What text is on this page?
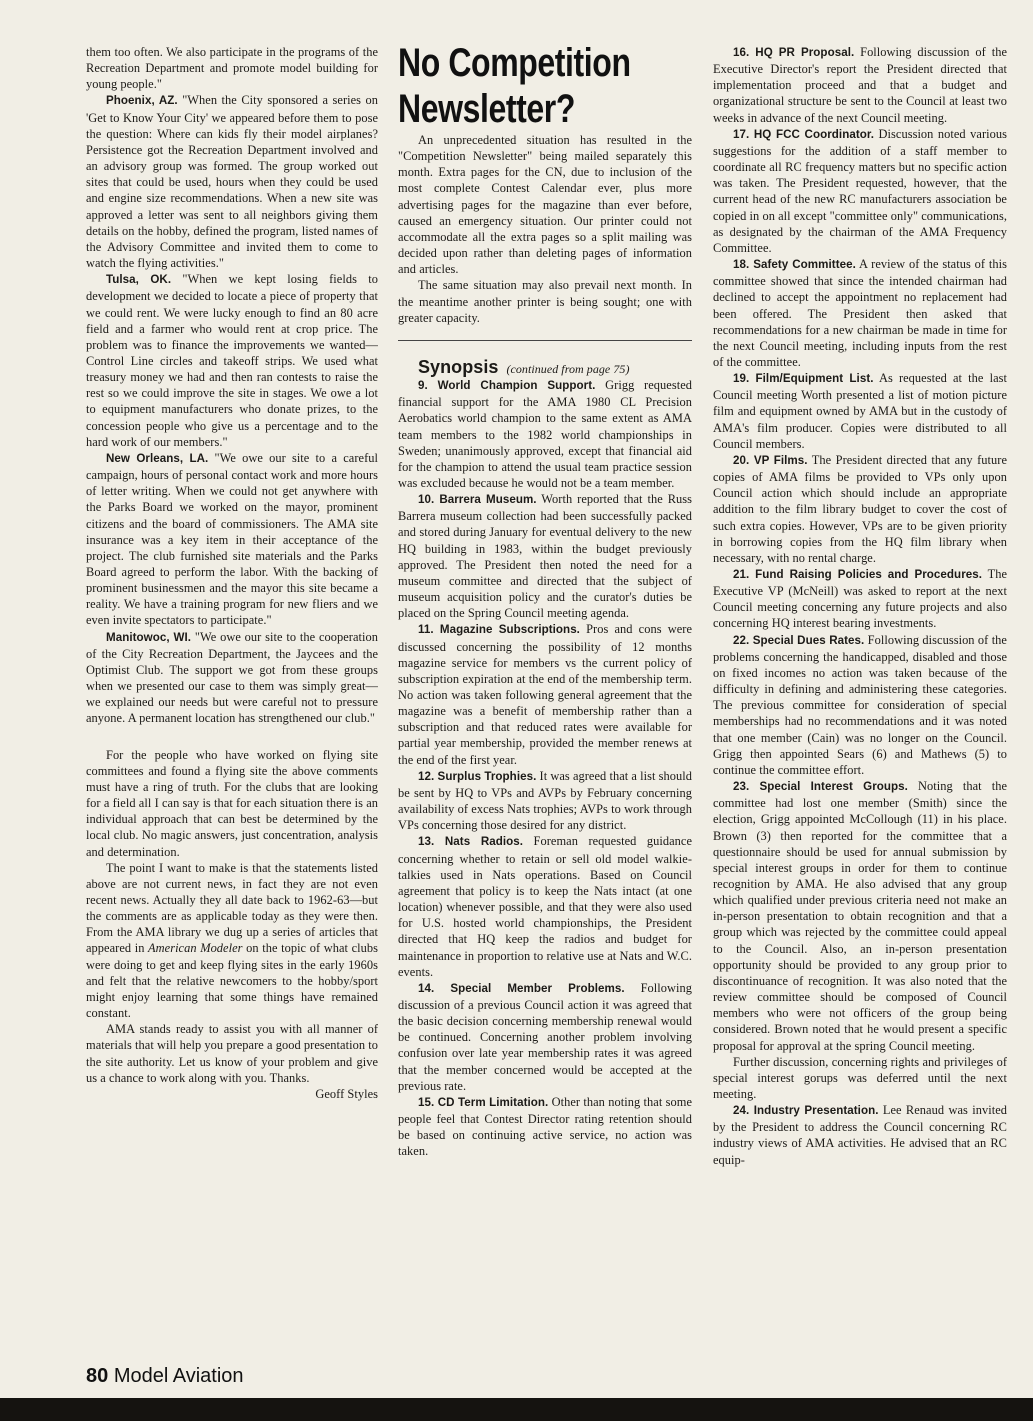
them too often. We also participate in the programs of the Recreation Department and promote model building for young people."

Phoenix, AZ. "When the City sponsored a series on 'Get to Know Your City' we appeared before them to pose the question: Where can kids fly their model airplanes? Persistence got the Recreation Department involved and an advisory group was formed. The group worked out sites that could be used, hours when they could be used and engine size recommendations. When a new site was approved a letter was sent to all neighbors giving them details on the hobby, defined the program, listed names of the Advisory Committee and invited them to come to watch the flying activities."

Tulsa, OK. "When we kept losing fields to development we decided to locate a piece of property that we could rent. We were lucky enough to find an 80 acre field and a farmer who would rent at crop price. The problem was to finance the improvements we wanted—Control Line circles and takeoff strips. We used what treasury money we had and then ran contests to raise the rest so we could improve the site in stages. We owe a lot to equipment manufacturers who donate prizes, to the concession people who give us a percentage and to the hard work of our members."

New Orleans, LA. "We owe our site to a careful campaign, hours of personal contact work and more hours of letter writing. When we could not get anywhere with the Parks Board we worked on the mayor, prominent citizens and the board of commissioners. The AMA site insurance was a key item in their acceptance of the project. The club furnished site materials and the Parks Board agreed to perform the labor. With the backing of prominent businessmen and the mayor this site became a reality. We have a training program for new fliers and we even invite spectators to participate."

Manitowoc, WI. "We owe our site to the cooperation of the City Recreation Department, the Jaycees and the Optimist Club. The support we got from these groups when we presented our case to them was simply great—we explained our needs but were careful not to pressure anyone. A permanent location has strengthened our club."

For the people who have worked on flying site committees and found a flying site the above comments must have a ring of truth. For the clubs that are looking for a field all I can say is that for each situation there is an individual approach that can best be determined by the local club. No magic answers, just concentration, analysis and determination.

The point I want to make is that the statements listed above are not current news, in fact they are not even recent news. Actually they all date back to 1962-63—but the comments are as applicable today as they were then. From the AMA library we dug up a series of articles that appeared in American Modeler on the topic of what clubs were doing to get and keep flying sites in the early 1960s and felt that the relative newcomers to the hobby/sport might enjoy learning that some things have remained constant.

AMA stands ready to assist you with all manner of materials that will help you prepare a good presentation to the site authority. Let us know of your problem and give us a chance to work along with you. Thanks.

Geoff Styles

No Competition
Newsletter?

An unprecedented situation has resulted in the "Competition Newsletter" being mailed separately this month. Extra pages for the CN, due to inclusion of the most complete Contest Calendar ever, plus more advertising pages for the magazine than ever before, caused an emergency situation. Our printer could not accommodate all the extra pages so a split mailing was decided upon rather than deleting pages of information and articles.

The same situation may also prevail next month. In the meantime another printer is being sought; one with greater capacity.

Synopsis (continued from page 75)

9. World Champion Support. Grigg requested financial support for the AMA 1980 CL Precision Aerobatics world champion to the same extent as AMA team members to the 1982 world championships in Sweden; unanimously approved, except that financial aid for the champion to attend the usual team practice session was excluded because he would not be a team member.

10. Barrera Museum. Worth reported that the Russ Barrera museum collection had been successfully packed and stored during January for eventual delivery to the new HQ building in 1983, within the budget previously approved. The President then noted the need for a museum committee and directed that the subject of museum acquisition policy and the curator's duties be placed on the Spring Council meeting agenda.

11. Magazine Subscriptions. Pros and cons were discussed concerning the possibility of 12 months magazine service for members vs the current policy of subscription expiration at the end of the membership term. No action was taken following general agreement that the magazine was a benefit of membership rather than a subscription and that reduced rates were available for partial year membership, provided the member renews at the end of the first year.

12. Surplus Trophies. It was agreed that a list should be sent by HQ to VPs and AVPs by February concerning availability of excess Nats trophies; AVPs to work through VPs concerning those desired for any district.

13. Nats Radios. Foreman requested guidance concerning whether to retain or sell old model walkie-talkies used in Nats operations. Based on Council agreement that policy is to keep the Nats intact (at one location) whenever possible, and that they were also used for U.S. hosted world championships, the President directed that HQ keep the radios and budget for maintenance in proportion to relative use at Nats and W.C. events.

14. Special Member Problems. Following discussion of a previous Council action it was agreed that the basic decision concerning membership renewal would be continued. Concerning another problem involving confusion over late year membership rates it was agreed that the member concerned would be accepted at the previous rate.

15. CD Term Limitation. Other than noting that some people feel that Contest Director rating retention should be based on continuing active service, no action was taken.

16. HQ PR Proposal. Following discussion of the Executive Director's report the President directed that implementation proceed and that a budget and organizational structure be sent to the Council at least two weeks in advance of the next Council meeting.

17. HQ FCC Coordinator. Discussion noted various suggestions for the addition of a staff member to coordinate all RC frequency matters but no specific action was taken. The President requested, however, that the current head of the new RC manufacturers association be copied in on all except "committee only" communications, as designated by the chairman of the AMA Frequency Committee.

18. Safety Committee. A review of the status of this committee showed that since the intended chairman had declined to accept the appointment no replacement had been offered. The President then asked that recommendations for a new chairman be made in time for the next Council meeting, including inputs from the rest of the committee.

19. Film/Equipment List. As requested at the last Council meeting Worth presented a list of motion picture film and equipment owned by AMA but in the custody of AMA's film producer. Copies were distributed to all Council members.

20. VP Films. The President directed that any future copies of AMA films be provided to VPs only upon Council action which should include an appropriate addition to the film library budget to cover the cost of such extra copies. However, VPs are to be given priority in borrowing copies from the HQ film library when necessary, with no rental charge.

21. Fund Raising Policies and Procedures. The Executive VP (McNeill) was asked to report at the next Council meeting concerning any future projects and also concerning HQ interest bearing investments.

22. Special Dues Rates. Following discussion of the problems concerning the handicapped, disabled and those on fixed incomes no action was taken because of the difficulty in defining and administering these categories. The previous committee for consideration of special memberships had no recommendations and it was noted that one member (Cain) was no longer on the Council. Grigg then appointed Sears (6) and Mathews (5) to continue the committee effort.

23. Special Interest Groups. Noting that the committee had lost one member (Smith) since the election, Grigg appointed McCollough (11) in his place. Brown (3) then reported for the committee that a questionnaire should be used for annual submission by special interest groups in order for them to continue recognition by AMA. He also advised that any group which qualified under previous criteria need not make an in-person presentation to obtain recognition and that a group which was rejected by the committee could appeal to the Council. Also, an in-person presentation opportunity should be provided to any group prior to discontinuance of recognition. It was also noted that the review committee should be composed of Council members who were not officers of the group being considered. Brown noted that he would present a specific proposal for approval at the spring Council meeting.

Further discussion, concerning rights and privileges of special interest gorups was deferred until the next meeting.

24. Industry Presentation. Lee Renaud was invited by the President to address the Council concerning RC industry views of AMA activities. He advised that an RC equip-

80 Model Aviation
